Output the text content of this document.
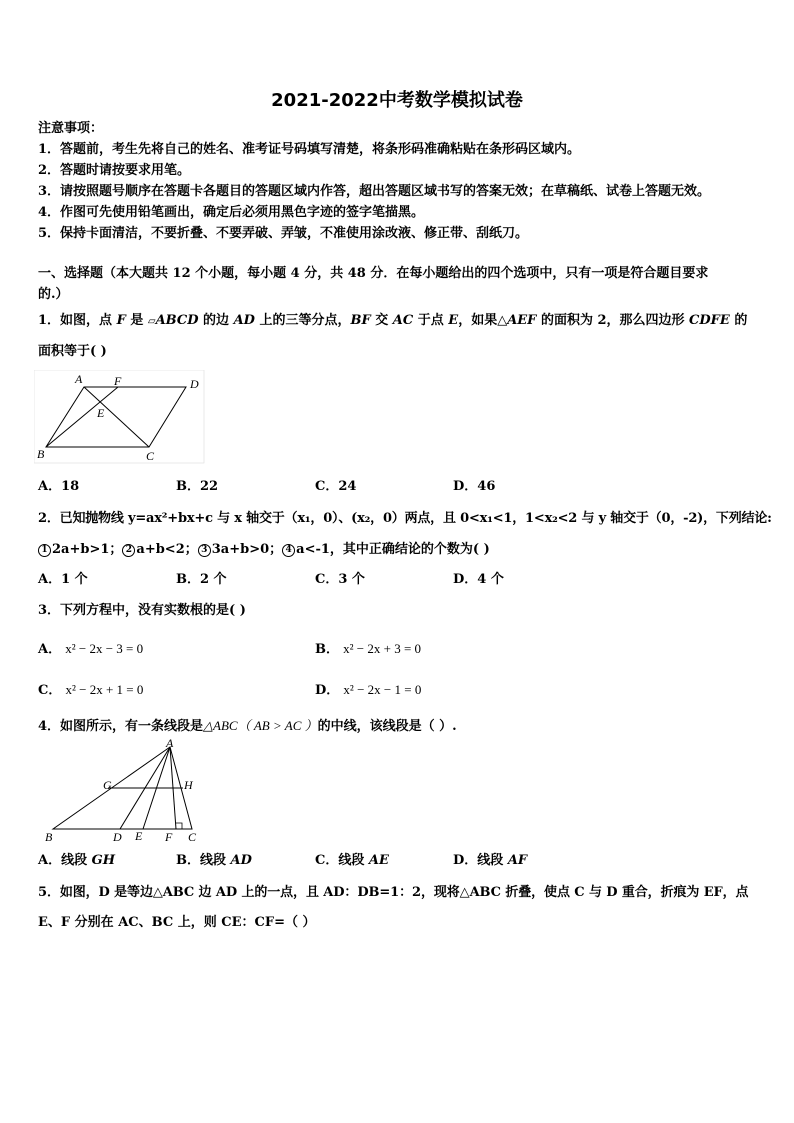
2021-2022中考数学模拟试卷
注意事项：
1．答题前，考生先将自己的姓名、准考证号码填写清楚，将条形码准确粘贴在条形码区域内。
2．答题时请按要求用笔。
3．请按照题号顺序在答题卡各题目的答题区域内作答，超出答题区域书写的答案无效；在草稿纸、试卷上答题无效。
4．作图可先使用铅笔画出，确定后必须用黑色字迹的签字笔描黑。
5．保持卡面清洁，不要折叠、不要弄破、弄皱，不准使用涂改液、修正带、刮纸刀。
一、选择题（本大题共 12 个小题，每小题 4 分，共 48 分．在每小题给出的四个选项中，只有一项是符合题目要求
的.）
1．如图，点 F 是 ▱ABCD 的边 AD 上的三等分点，BF 交 AC 于点 E，如果△AEF 的面积为 2，那么四边形 CDFE 的
面积等于( )
A	F	D
E
B	C
A．18	B．22	C．24	D．46
2．已知抛物线 y=ax²+bx+c 与 x 轴交于（x₁，0）、(x₂，0）两点，且 0<x₁<1，1<x₂<2 与 y 轴交于（0，-2)，下列结论:
1 2a+b>1； 2 a+b<2； 3 3a+b>0； 4 a<-1，其中正确结论的个数为( )
A．1 个	B．2 个	C．3 个	D．4 个
3．下列方程中，没有实数根的是( )
A． x² − 2x − 3 = 0	B． x² − 2x + 3 = 0
C． x² − 2x + 1 = 0	D． x² − 2x − 1 = 0
4．如图所示，有一条线段是△ABC（ AB > AC ）的中线，该线段是（ ）.
A
G	H
B	D E F C
A．线段 GH	B．线段 AD	C．线段 AE	D．线段 AF
5．如图，D 是等边△ABC 边 AD 上的一点，且 AD：DB=1：2，现将△ABC 折叠，使点 C 与 D 重合，折痕为 EF，点
E、F 分别在 AC、BC 上，则 CE：CF=（ ）
